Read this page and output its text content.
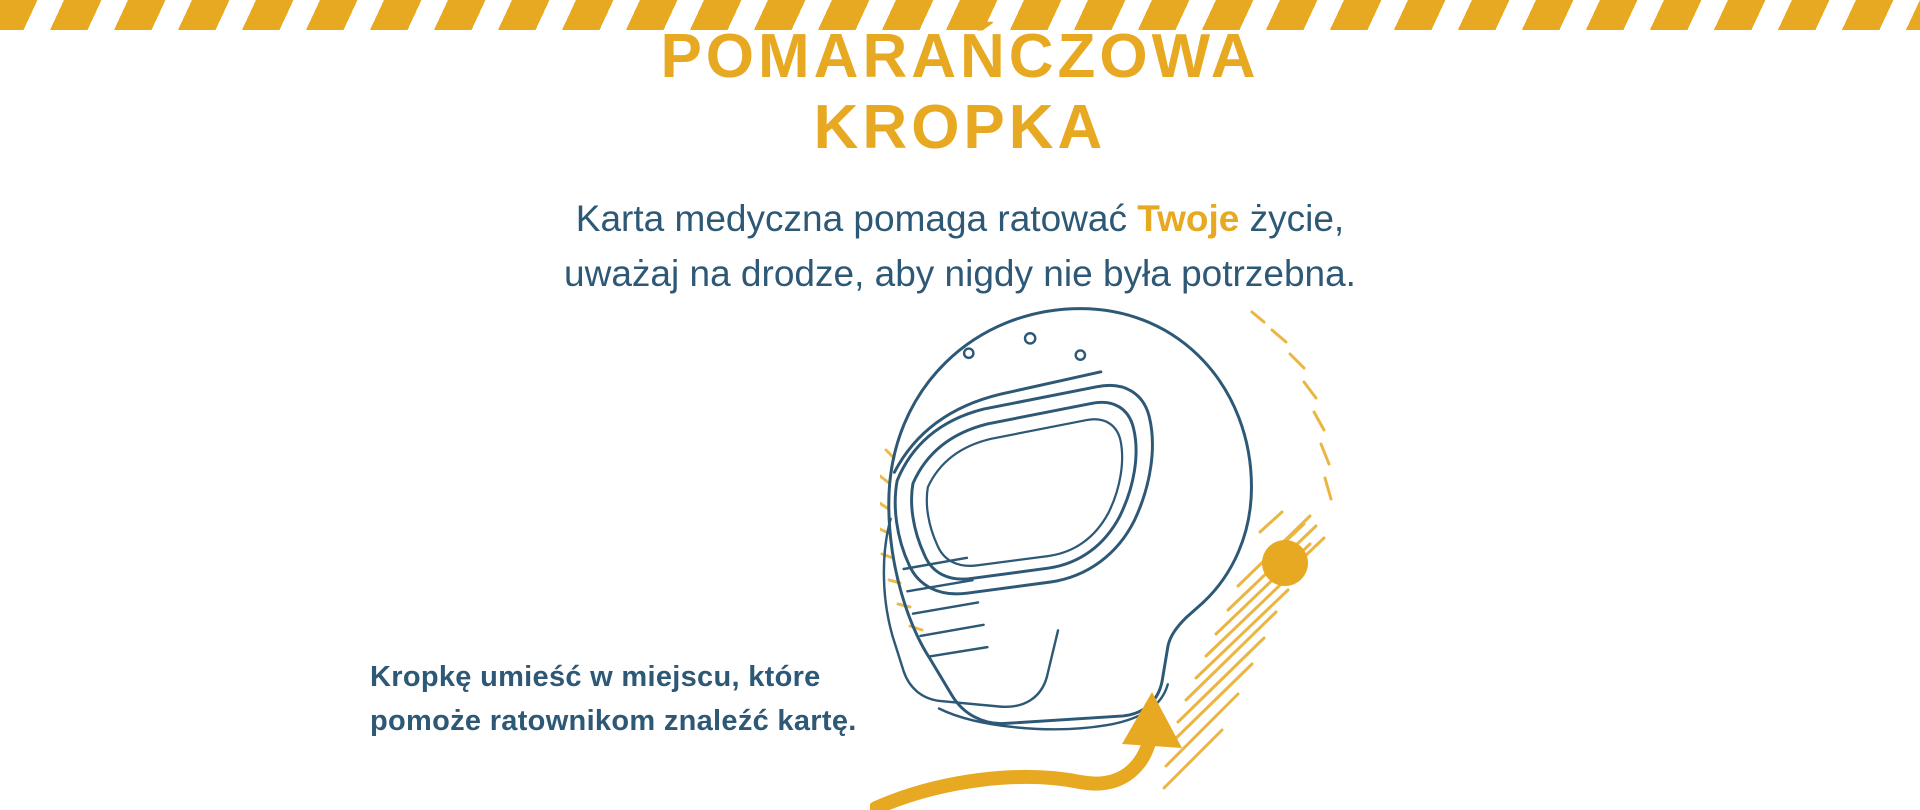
POMARAŃCZOWA
KROPKA
Karta medyczna pomaga ratować Twoje życie,
uważaj na drodze, aby nigdy nie była potrzebna.

Kropkę umieść w miejscu, które

pomoże ratownikom znaleźć kartę.
